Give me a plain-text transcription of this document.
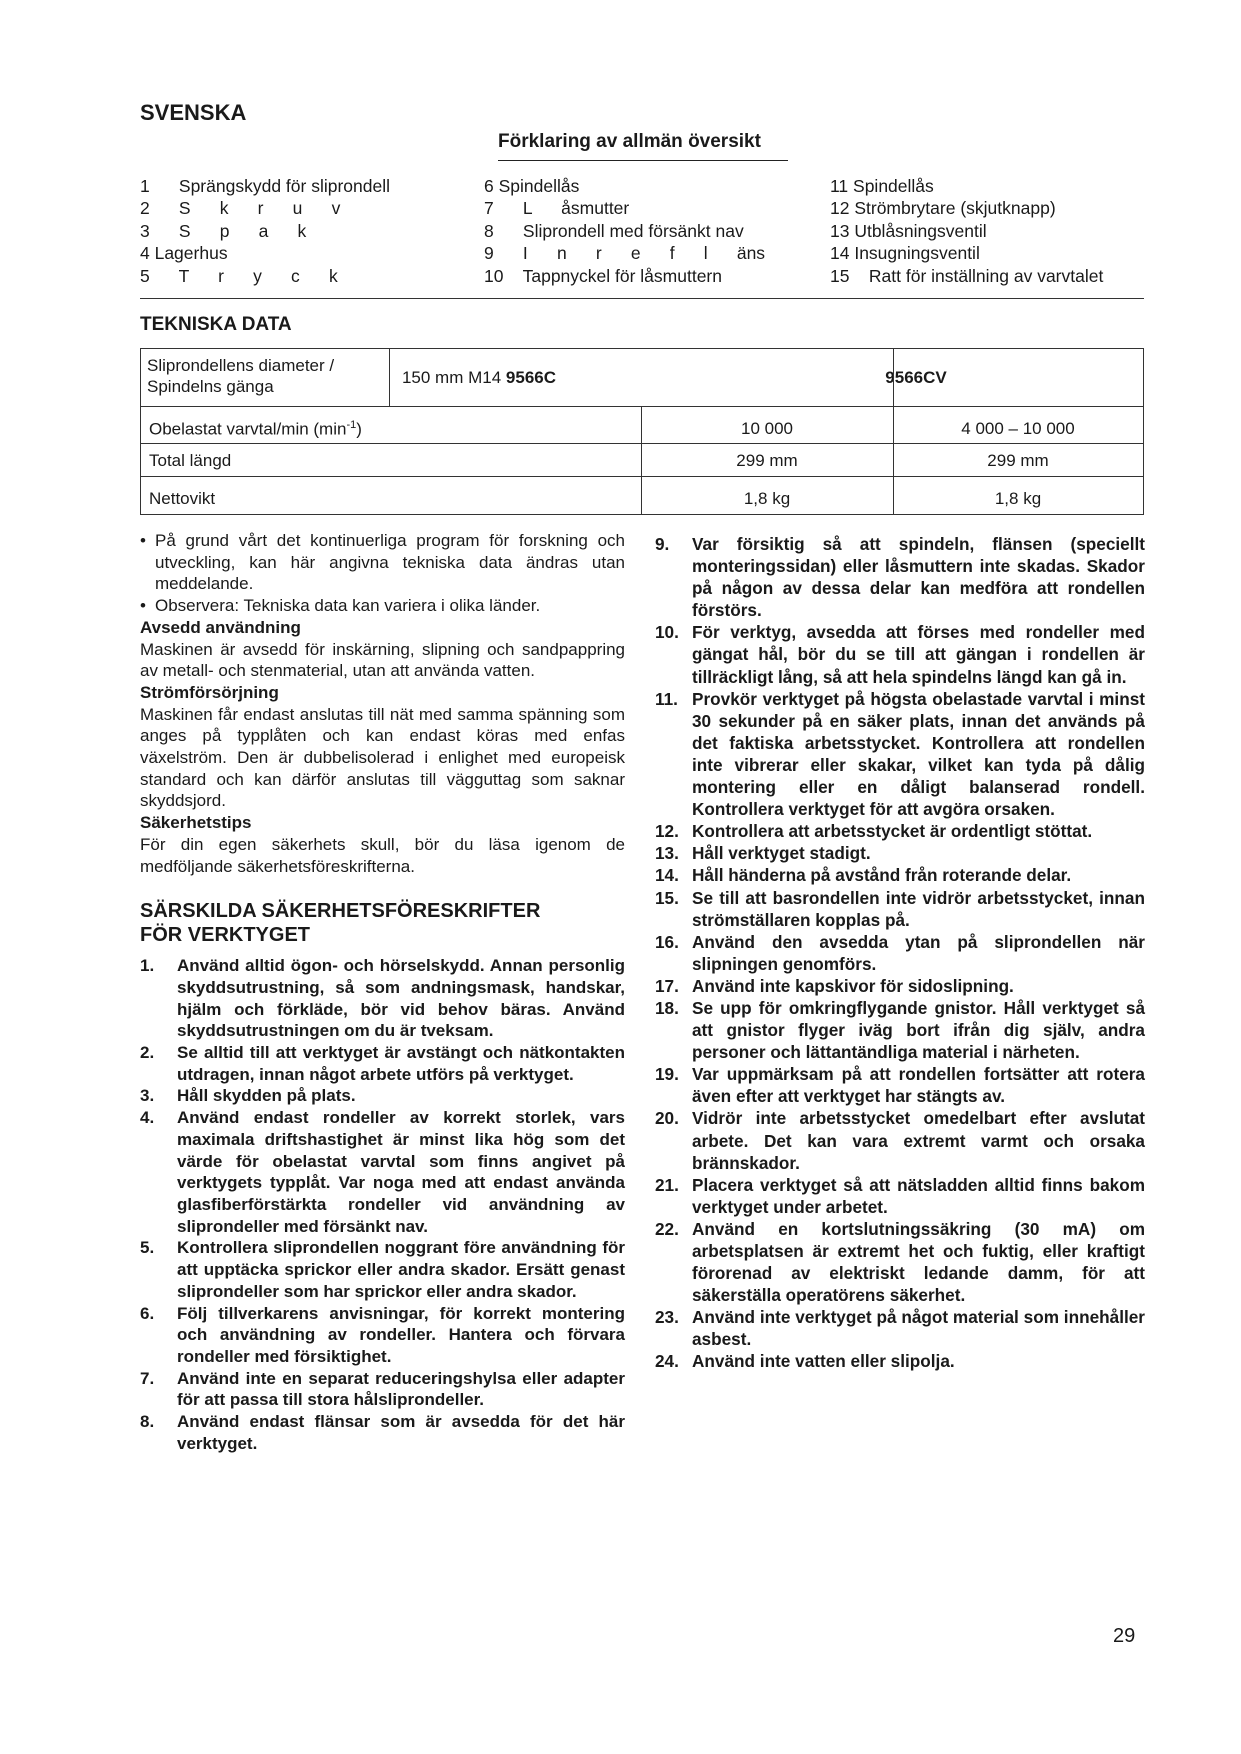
SVENSKA
Förklaring av allmän översikt
1      Sprängskydd för sliprondell
2      S      k      r      u      v
3      S      p      a      k
4 Lagerhus
5      T      r      y      c      k
6 Spindellås
7      L      åsmutter
8      Sliprondell med försänkt nav
9      I      n      r      e      f      l      äns
10    Tappnyckel för låsmuttern
11 Spindellås
12 Strömbrytare (skjutknapp)
13 Utblåsningsventil
14 Insugningsventil
15    Ratt för inställning av varvtalet
TEKNISKA DATA
Sliprondellens diameter /
Spindelns gänga	150 mm M14 9566C	9566CV
Obelastat varvtal/min $(\min^{-1})$	10 000	4 000 – 10 000
Total längd	299 mm	299 mm
Nettovikt	1,8 kg	1,8 kg
• På grund vårt det kontinuerliga program för forskning och utveckling, kan här angivna tekniska data ändras utan meddelande.
• Observera: Tekniska data kan variera i olika länder.

Avsedd användning

Maskinen är avsedd för inskärning, slipning och sandpappring av metall- och stenmaterial, utan att använda vatten.

Strömförsörjning

Maskinen får endast anslutas till nät med samma spänning som anges på typplåten och kan endast köras med enfas växelström. Den är dubbelisolerad i enlighet med europeisk standard och kan därför anslutas till vägguttag som saknar skyddsjord.

Säkerhetstips

För din egen säkerhets skull, bör du läsa igenom de medföljande säkerhetsföreskrifterna.

SÄRSKILDA SÄKERHETSFÖRESKRIFTER
FÖR VERKTYGET
1. Använd alltid ögon- och hörselskydd. Annan personlig skyddsutrustning, så som andningsmask, handskar, hjälm och förkläde, bör vid behov bäras. Använd skyddsutrustningen om du är tveksam.
2. Se alltid till att verktyget är avstängt och nätkontakten utdragen, innan något arbete utförs på verktyget.
3. Håll skydden på plats.
4. Använd endast rondeller av korrekt storlek, vars maximala driftshastighet är minst lika hög som det värde för obelastat varvtal som finns angivet på verktygets typplåt. Var noga med att endast använda glasfiberförstärkta rondeller vid användning av sliprondeller med försänkt nav.
5. Kontrollera sliprondellen noggrant före användning för att upptäcka sprickor eller andra skador. Ersätt genast sliprondeller som har sprickor eller andra skador.
6. Följ tillverkarens anvisningar, för korrekt montering och användning av rondeller. Hantera och förvara rondeller med försiktighet.
7. Använd inte en separat reduceringshylsa eller adapter för att passa till stora hålsliprondeller.
8. Använd endast flänsar som är avsedda för det här verktyget.
9. Var försiktig så att spindeln, flänsen (speciellt monteringssidan) eller låsmuttern inte skadas. Skador på någon av dessa delar kan medföra att rondellen förstörs.
10. För verktyg, avsedda att förses med rondeller med gängat hål, bör du se till att gängan i rondellen är tillräckligt lång, så att hela spindelns längd kan gå in.
11. Provkör verktyget på högsta obelastade varvtal i minst 30 sekunder på en säker plats, innan det används på det faktiska arbetsstycket. Kontrollera att rondellen inte vibrerar eller skakar, vilket kan tyda på dålig montering eller en dåligt balanserad rondell. Kontrollera verktyget för att avgöra orsaken.
12. Kontrollera att arbetsstycket är ordentligt stöttat.
13. Håll verktyget stadigt.
14. Håll händerna på avstånd från roterande delar.
15. Se till att basrondellen inte vidrör arbetsstycket, innan strömställaren kopplas på.
16. Använd den avsedda ytan på sliprondellen när slipningen genomförs.
17. Använd inte kapskivor för sidoslipning.
18. Se upp för omkringflygande gnistor. Håll verktyget så att gnistor flyger iväg bort ifrån dig själv, andra personer och lättantändliga material i närheten.
19. Var uppmärksam på att rondellen fortsätter att rotera även efter att verktyget har stängts av.
20. Vidrör inte arbetsstycket omedelbart efter avslutat arbete. Det kan vara extremt varmt och orsaka brännskador.
21. Placera verktyget så att nätsladden alltid finns bakom verktyget under arbetet.
22. Använd en kortslutningssäkring (30 mA) om arbetsplatsen är extremt het och fuktig, eller kraftigt förorenad av elektriskt ledande damm, för att säkerställa operatörens säkerhet.
23. Använd inte verktyget på något material som innehåller asbest.
24. Använd inte vatten eller slipolja.
29
